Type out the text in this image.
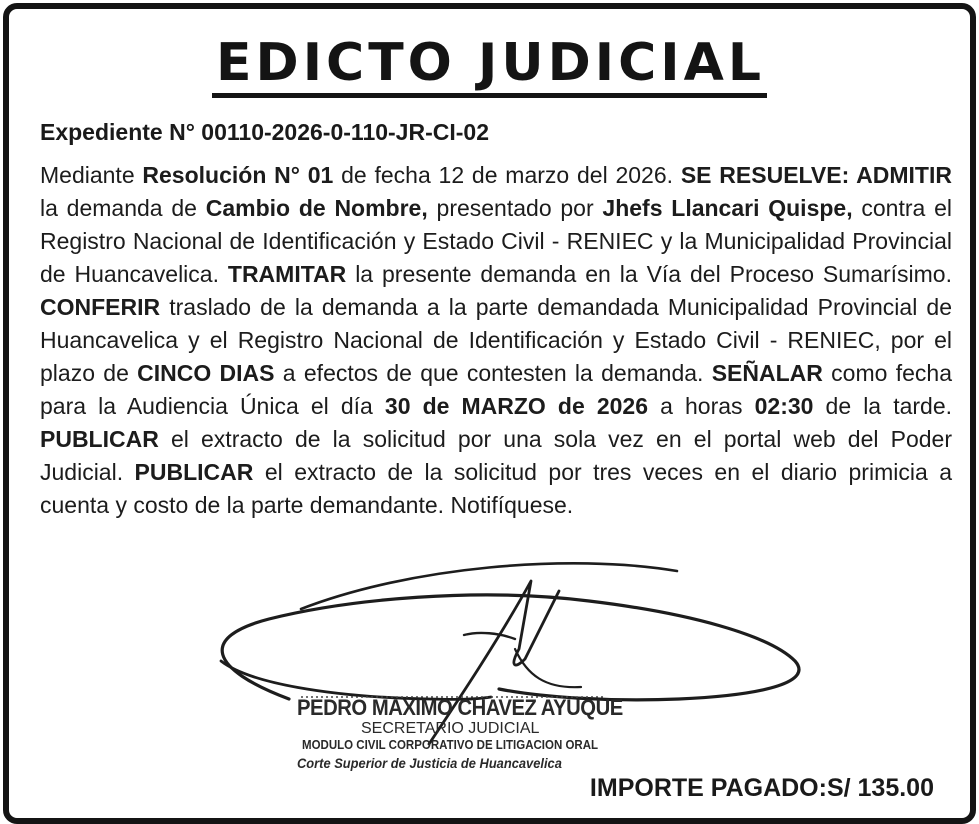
EDICTO JUDICIAL
Expediente N° 00110-2026-0-110-JR-CI-02

Mediante Resolución N° 01 de fecha 12 de marzo del 2026. SE RESUELVE: ADMITIR la demanda de Cambio de Nombre, presentado por Jhefs Llancari Quispe, contra el Registro Nacional de Identificación y Estado Civil - RENIEC y la Municipalidad Provincial de Huancavelica. TRAMITAR la presente demanda en la Vía del Proceso Sumarísimo. CONFERIR traslado de la demanda a la parte demandada Municipalidad Provincial de Huancavelica y el Registro Nacional de Identificación y Estado Civil - RENIEC, por el plazo de CINCO DIAS a efectos de que contesten la demanda. SEÑALAR como fecha para la Audiencia Única el día 30 de MARZO de 2026 a horas 02:30 de la tarde. PUBLICAR el extracto de la solicitud por una sola vez en el portal web del Poder Judicial. PUBLICAR el extracto de la solicitud por tres veces en el diario primicia a cuenta y costo de la parte demandante. Notifíquese.

PEDRO MAXIMO CHAVEZ AYUQUE
SECRETARIO JUDICIAL
MODULO CIVIL CORPORATIVO DE LITIGACION ORAL
Corte Superior de Justicia de Huancavelica
IMPORTE PAGADO:S/ 135.00
